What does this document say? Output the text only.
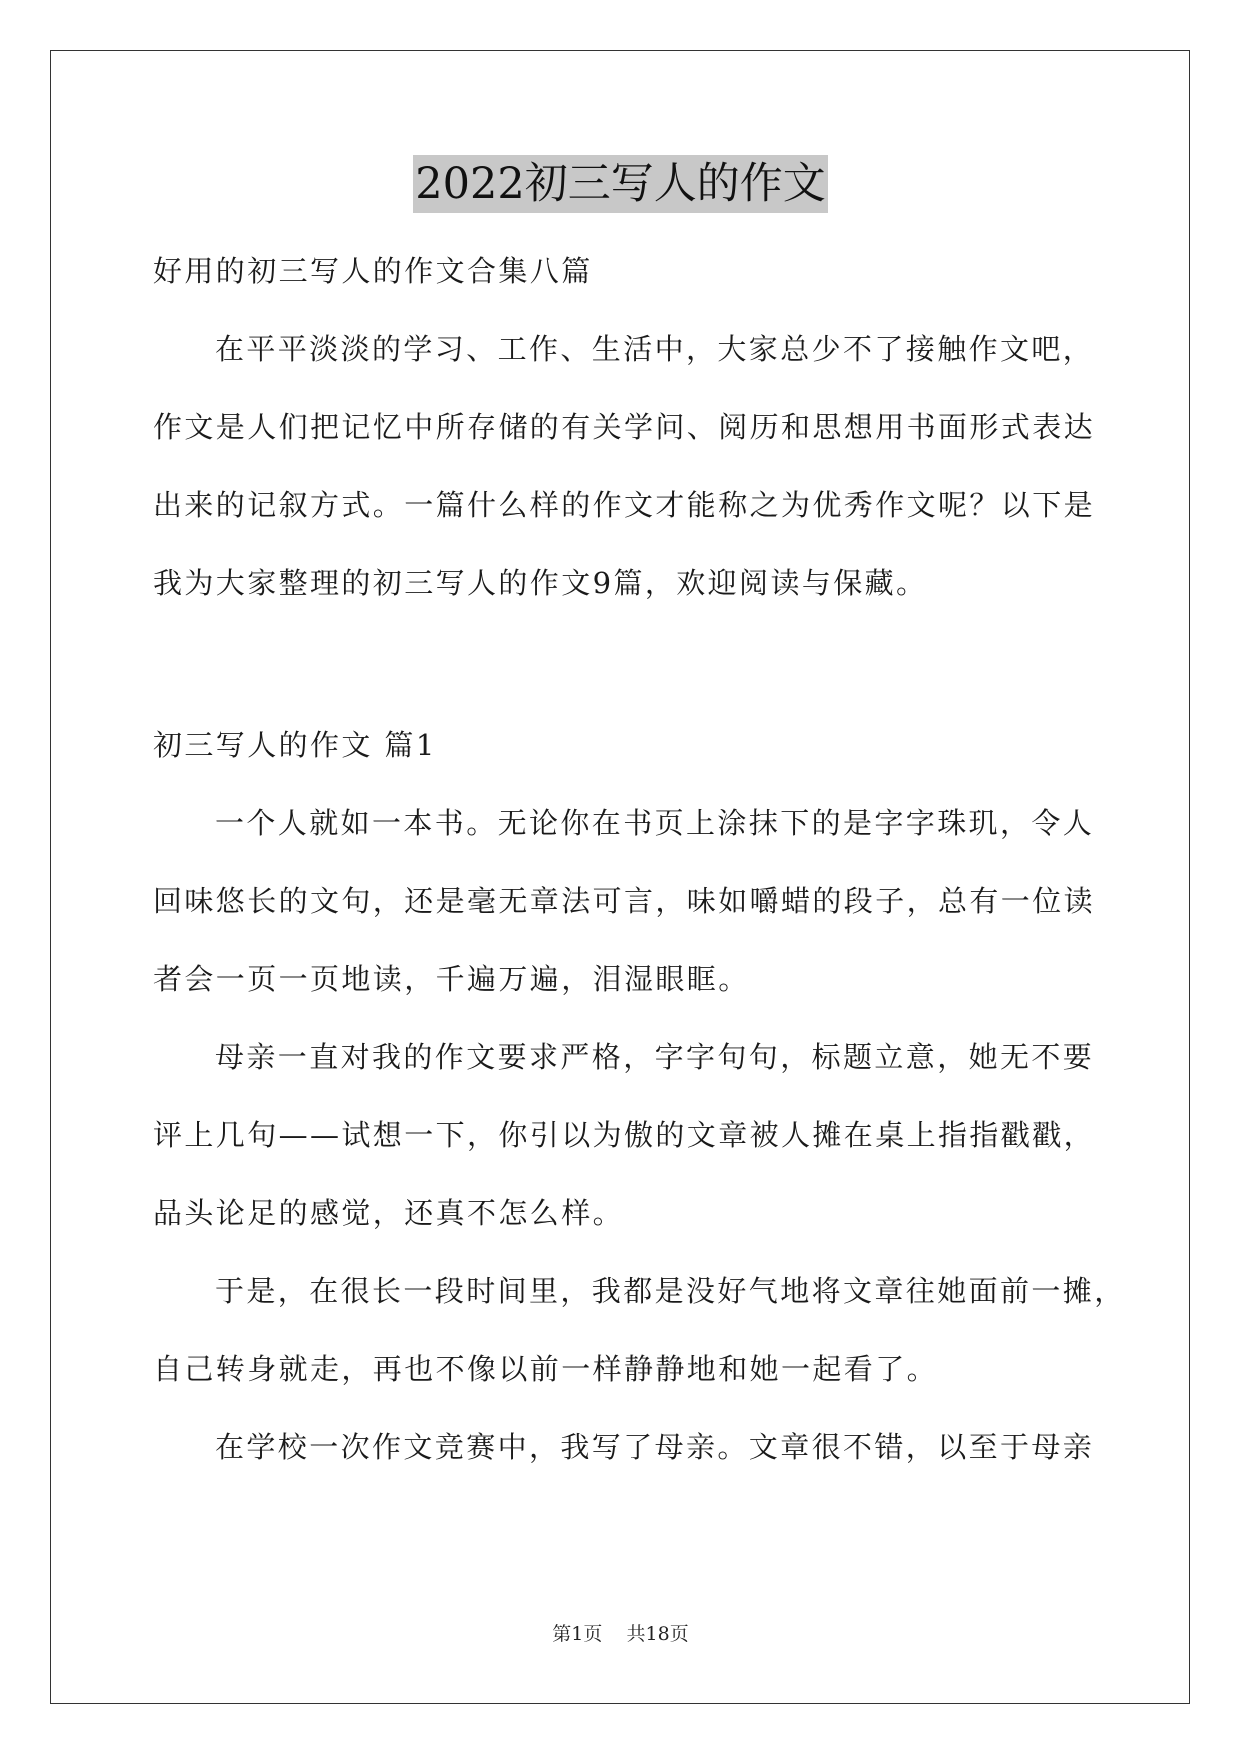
2022初三写人的作文
好用的初三写人的作文合集八篇
在平平淡淡的学习、工作、生活中，大家总少不了接触作文吧，
作文是人们把记忆中所存储的有关学问、阅历和思想用书面形式表达
出来的记叙方式。一篇什么样的作文才能称之为优秀作文呢？以下是
我为大家整理的初三写人的作文9篇，欢迎阅读与保藏。
初三写人的作文 篇1
一个人就如一本书。无论你在书页上涂抹下的是字字珠玑，令人
回味悠长的文句，还是毫无章法可言，味如嚼蜡的段子，总有一位读
者会一页一页地读，千遍万遍，泪湿眼眶。
母亲一直对我的作文要求严格，字字句句，标题立意，她无不要
评上几句——试想一下，你引以为傲的文章被人摊在桌上指指戳戳，
品头论足的感觉，还真不怎么样。
于是，在很长一段时间里，我都是没好气地将文章往她面前一摊，
自己转身就走，再也不像以前一样静静地和她一起看了。
在学校一次作文竞赛中，我写了母亲。文章很不错，以至于母亲
第1页 共18页
